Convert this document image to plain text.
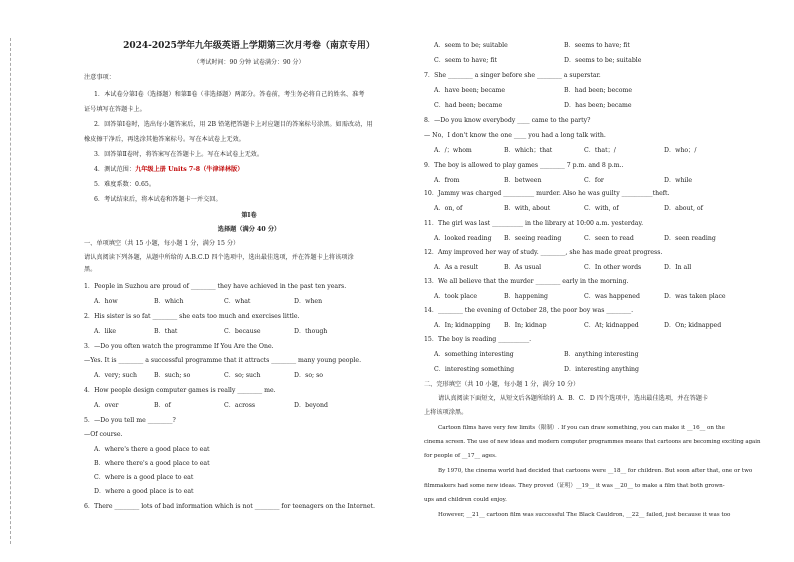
2024-2025学年九年级英语上学期第三次月考卷（南京专用）
（考试时间：90 分钟 试卷满分：90 分）
注意事项：
1．本试卷分第Ⅰ卷（选择题）和第Ⅱ卷（非选择题）两部分。答卷前，考生务必将自己的姓名、准考
证号填写在答题卡上。
2．回答第Ⅰ卷时，选出每小题答案后，用 2B 铅笔把答题卡上对应题目的答案标号涂黑。如需改动，用
橡皮擦干净后，再选涂其他答案标号。写在本试卷上无效。
3．回答第Ⅱ卷时，将答案写在答题卡上。写在本试卷上无效。
4．测试范围：九年级上册 Units 7-8（牛津译林版）
5．难度系数：0.65。
6．考试结束后，将本试卷和答题卡一并交回。
第Ⅰ卷
选择题（满分 40 分）
一、单项填空（共 15 小题，每小题 1 分，满分 15 分）
请认真阅读下列各题，从题中所给的 A.B.C.D 四个选项中，选出最佳选项，并在答题卡上将该项涂
黑。
1．People in Suzhou are proud of ________ they have achieved in the past ten years.
A．how	B．which	C．what	D．when
2．His sister is so fat ________ she eats too much and exercises little.
A．like	B．that	C．because	D．though
3．—Do you often watch the programme If You Are the One.
—Yes. It is ________ a successful programme that it attracts ________ many young people.
A．very; such	B．such; so	C．so; such	D．so; so
4．How people design computer games is really ________ me.
A．over	B．of	C．across	D．beyond
5．—Do you tell me ________?
—Of course.
A．where's there a good place to eat
B．where there's a good place to eat
C．where is a good place to eat
D．where a good place is to eat
6．There ________ lots of bad information which is not ________ for teenagers on the Internet.
A．seem to be; suitable	B．seems to have; fit
C．seem to have; fit	D．seems to be; suitable
7．She ________ a singer before she ________ a superstar.
A．have been; became	B．had been; become
C．had been; became	D．has been; became
8．—Do you know everybody ____ came to the party?
— No，I don't know the one ____ you had a long talk with.
A．/；whom	B．which；that	C．that；/	D．who；/
9．The boy is allowed to play games ________ 7 p.m. and 8 p.m..
A．from	B．between	C．for	D．while
10．Jammy was charged __________ murder. Also he was guilty __________theft.
A．on, of	B．with, about	C．with, of	D．about, of
11．The girl was last __________ in the library at 10:00 a.m. yesterday.
A．looked reading B．seeing reading	C．seen to read	D．seen reading
12．Amy improved her way of study. ________, she has made great progress.
A．As a result	B．As usual	C．In other words	D．In all
13．We all believe that the murder ________ early in the morning.
A．took place	B．happening	C．was happened	D．was taken place
14．________ the evening of October 28, the poor boy was ________.
A．In; kidnapping B．In; kidnap	C．At; kidnapped	D．On; kidnapped
15．The boy is reading __________.
A．something interesting	B．anything interesting
C．interesting something	D．interesting anything
二、完形填空（共 10 小题，每小题 1 分，满分 10 分）
请认真阅读下面短文，从短文后各题所给的 A．B．C．D 四个选项中，选出最佳选项，并在答题卡
上将该项涂黑。
Cartoon films have very few limits（限制）. If you can draw something, you can make it __16__ on the
cinema screen. The use of new ideas and modern computer programmes means that cartoons are becoming exciting again
for people of __17__ ages.
By 1970, the cinema world had decided that cartoons were __18__ for children. But soon after that, one or two
filmmakers had some new ideas. They proved（证明）__19__ it was __20__ to make a film that both grown-
ups and children could enjoy.
However, __21__ cartoon film was successful The Black Cauldron, __22__ failed, just because it was too
